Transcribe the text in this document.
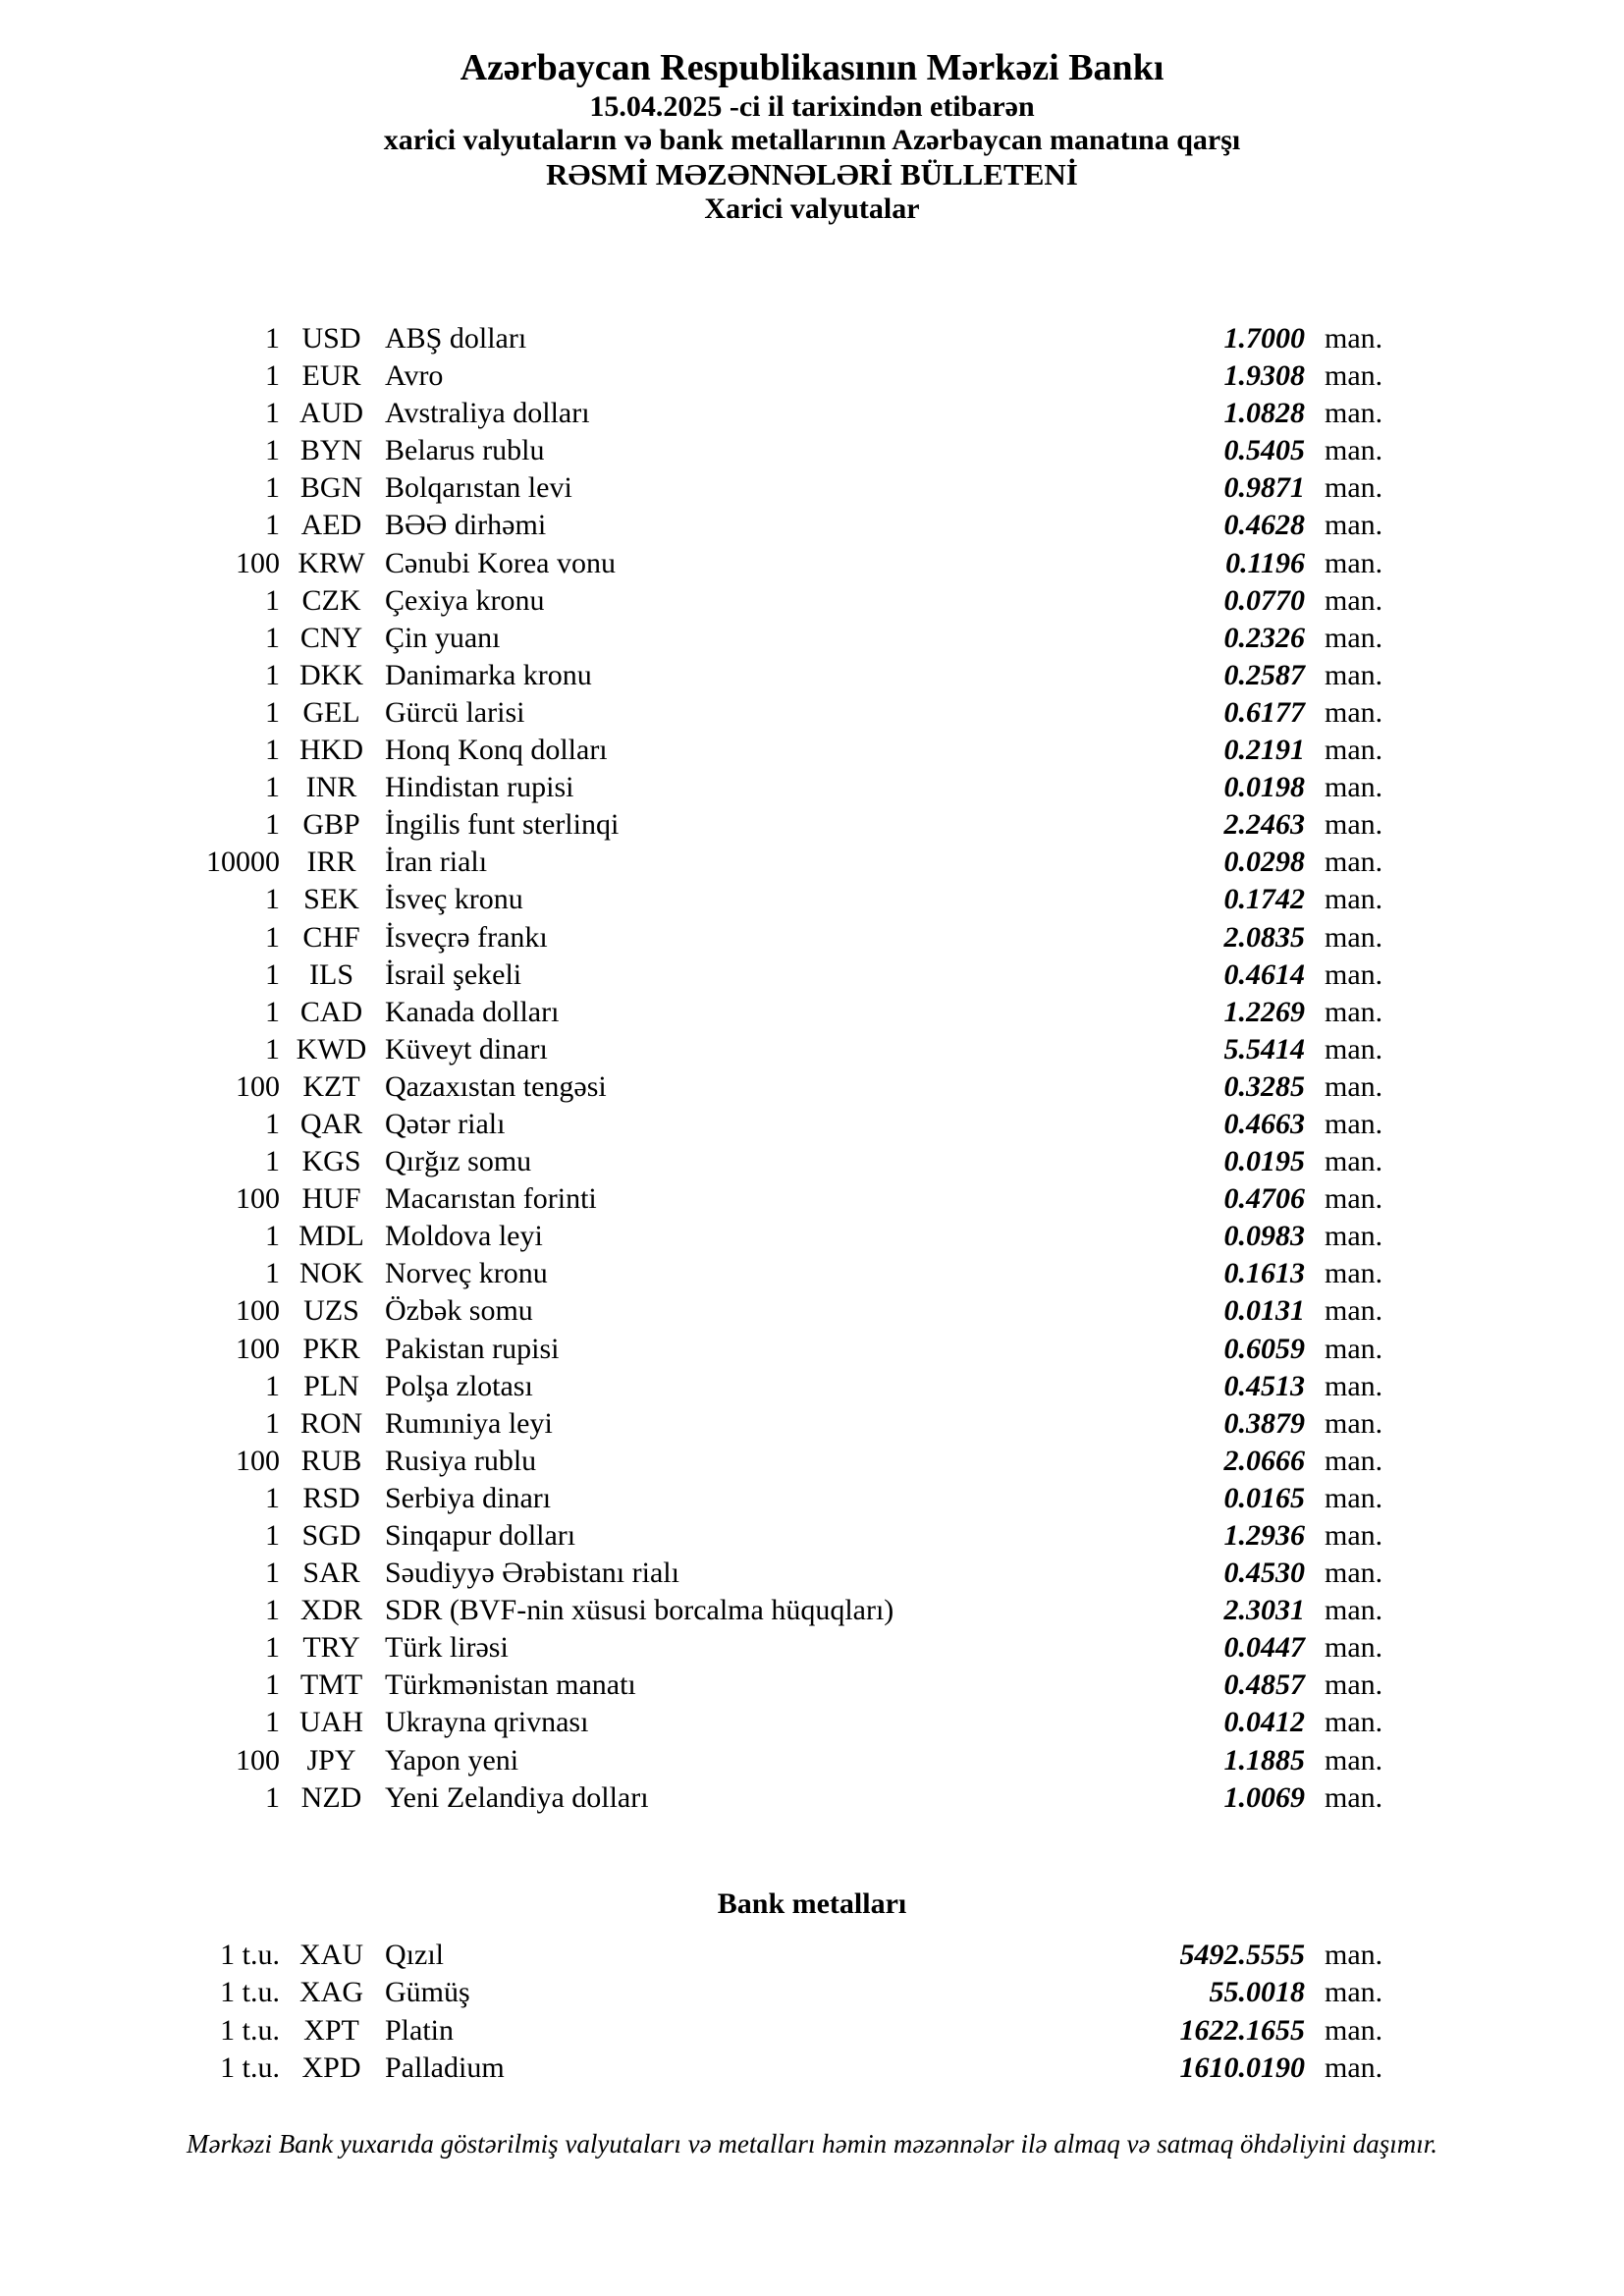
Azərbaycan Respublikasının Mərkəzi Bankı
15.04.2025 -ci il tarixindən etibarən
xarici valyutaların və bank metallarının Azərbaycan manatına qarşı
RƏSMİ MƏZƏNNƏLƏRİ BÜLLETENİ
Xarici valyutalar
1 USD ABŞ dolları	1.7000 man.
1 EUR Avro	1.9308 man.
1 AUD Avstraliya dolları	1.0828 man.
1 BYN Belarus rublu	0.5405 man.
1 BGN Bolqarıstan levi	0.9871 man.
1 AED BƏƏ dirhəmi	0.4628 man.
100 KRW Cənubi Korea vonu	0.1196 man.
1 CZK Çexiya kronu	0.0770 man.
1 CNY Çin yuanı	0.2326 man.
1 DKK Danimarka kronu	0.2587 man.
1 GEL Gürcü larisi	0.6177 man.
1 HKD Honq Konq dolları	0.2191 man.
1 INR Hindistan rupisi	0.0198 man.
1 GBP İngilis funt sterlinqi	2.2463 man.
10000 IRR İran rialı	0.0298 man.
1 SEK İsveç kronu	0.1742 man.
1 CHF İsveçrə frankı	2.0835 man.
1	ILS	İsrail şekeli	0.4614 man.
1 CAD Kanada dolları	1.2269 man.
1 KWD Küveyt dinarı	5.5414 man.
100 KZT Qazaxıstan tengəsi	0.3285 man.
1 QAR Qətər rialı	0.4663 man.
1 KGS Qırğız somu	0.0195 man.
100 HUF Macarıstan forinti	0.4706 man.
1 MDL Moldova leyi	0.0983 man.
1 NOK Norveç kronu	0.1613 man.
100 UZS Özbək somu	0.0131 man.
100 PKR Pakistan rupisi	0.6059 man.
1 PLN Polşa zlotası	0.4513 man.
1 RON Rumıniya leyi	0.3879 man.
100 RUB Rusiya rublu	2.0666 man.
1 RSD Serbiya dinarı	0.0165 man.
1 SGD Sinqapur dolları	1.2936 man.
1 SAR Səudiyyə Ərəbistanı rialı	0.4530 man.
1 XDR SDR (BVF-nin xüsusi borcalma hüquqları)	2.3031 man.
1 TRY Türk lirəsi	0.0447 man.
1 TMT Türkmənistan manatı	0.4857 man.
1 UAH Ukrayna qrivnası	0.0412 man.
100 JPY Yapon yeni	1.1885 man.
1 NZD Yeni Zelandiya dolları	1.0069 man.
Bank metalları
1 t.u. XAU Qızıl	5492.5555 man.
1 t.u. XAG Gümüş	55.0018 man.
1 t.u. XPT Platin	1622.1655 man.
1 t.u. XPD Palladium	1610.0190 man.
Mərkəzi Bank yuxarıda göstərilmiş valyutaları və metalları həmin məzənnələr ilə almaq və satmaq öhdəliyini daşımır.
